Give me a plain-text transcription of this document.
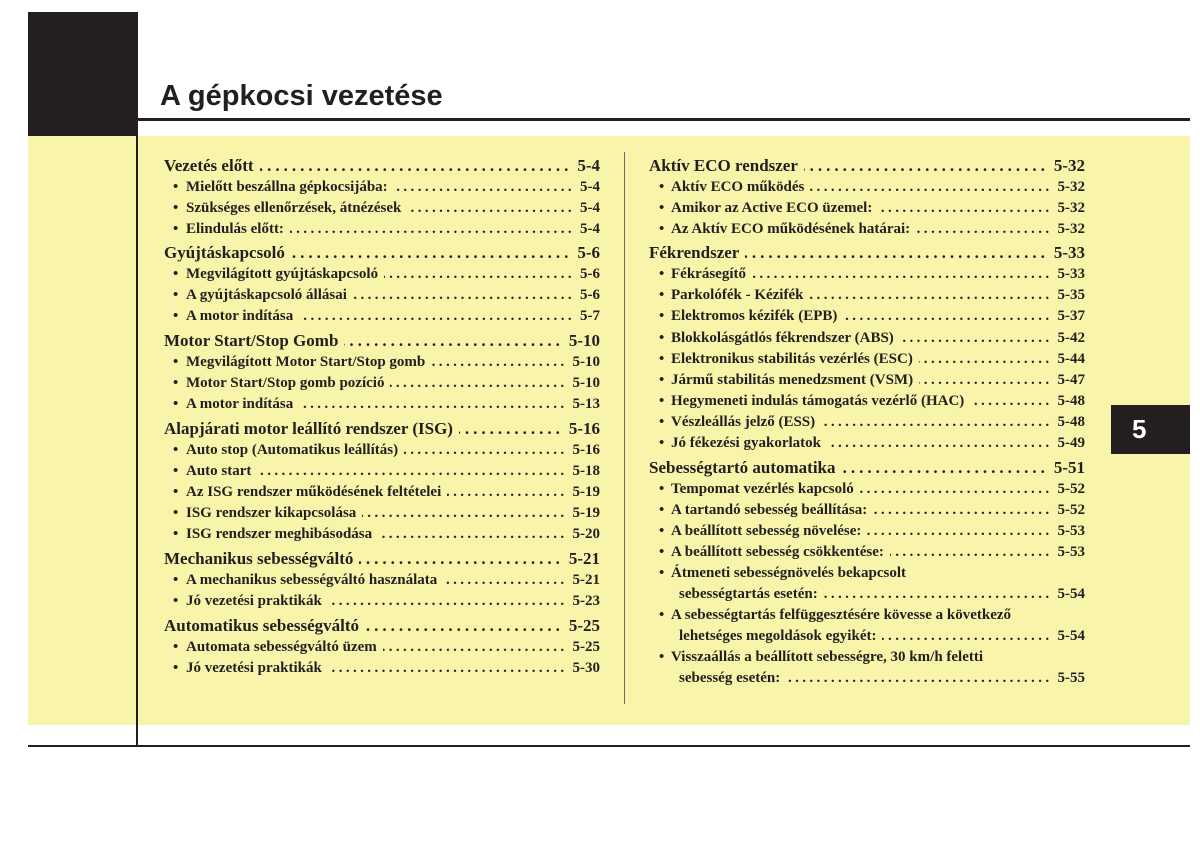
A gépkocsi vezetése
5
Vezetés előtt .....	5-4
•
Mielőtt beszállna gépkocsijába: .....	5-4
•
Szükséges ellenőrzések, átnézések .....	5-4
•
Elindulás előtt: .....	5-4
Gyújtáskapcsoló .....	5-6
•
Megvilágított gyújtáskapcsoló .....	5-6
•
A gyújtáskapcsoló állásai .....	5-6
•
A motor indítása .....	5-7
Motor Start/Stop Gomb .....	5-10
•
Megvilágított Motor Start/Stop gomb .....	5-10
•
Motor Start/Stop gomb pozíció .....	5-10
•
A motor indítása .....	5-13
Alapjárati motor leállító rendszer (ISG) .....	5-16
•
Auto stop (Automatikus leállítás) .....	5-16
•
Auto start .....	5-18
•
Az ISG rendszer működésének feltételei .....	5-19
•
ISG rendszer kikapcsolása .....	5-19
•
ISG rendszer meghibásodása .....	5-20
Mechanikus sebességváltó .....	5-21
•
A mechanikus sebességváltó használata .....	5-21
•
Jó vezetési praktikák .....	5-23
Automatikus sebességváltó .....	5-25
•
Automata sebességváltó üzem .....	5-25
•
Jó vezetési praktikák .....	5-30
Aktív ECO rendszer .....	5-32
•
Aktív ECO működés .....	5-32
•
Amikor az Active ECO üzemel: .....	5-32
•
Az Aktív ECO működésének határai: .....	5-32
Fékrendszer .....	5-33
•
Fékrásegítő .....	5-33
•
Parkolófék - Kézifék .....	5-35
•
Elektromos kézifék (EPB) .....	5-37
•
Blokkolásgátlós fékrendszer (ABS) .....	5-42
•
Elektronikus stabilitás vezérlés (ESC) .....	5-44
•
Jármű stabilitás menedzsment (VSM) .....	5-47
•
Hegymeneti indulás támogatás vezérlő (HAC) .....	5-48
•
Vészleállás jelző (ESS) .....	5-48
•
Jó fékezési gyakorlatok .....	5-49
Sebességtartó automatika .....	5-51
•
Tempomat vezérlés kapcsoló .....	5-52
•
A tartandó sebesség beállítása: .....	5-52
•
A beállított sebesség növelése: .....	5-53
•
A beállított sebesség csökkentése: .....	5-53
•
Átmeneti sebességnövelés bekapcsolt
sebességtartás esetén: .....	5-54
•
A sebességtartás felfüggesztésére kövesse a következő
lehetséges megoldások egyikét: .....	5-54
•
Visszaállás a beállított sebességre, 30 km/h feletti
sebesség esetén: .....	5-55
